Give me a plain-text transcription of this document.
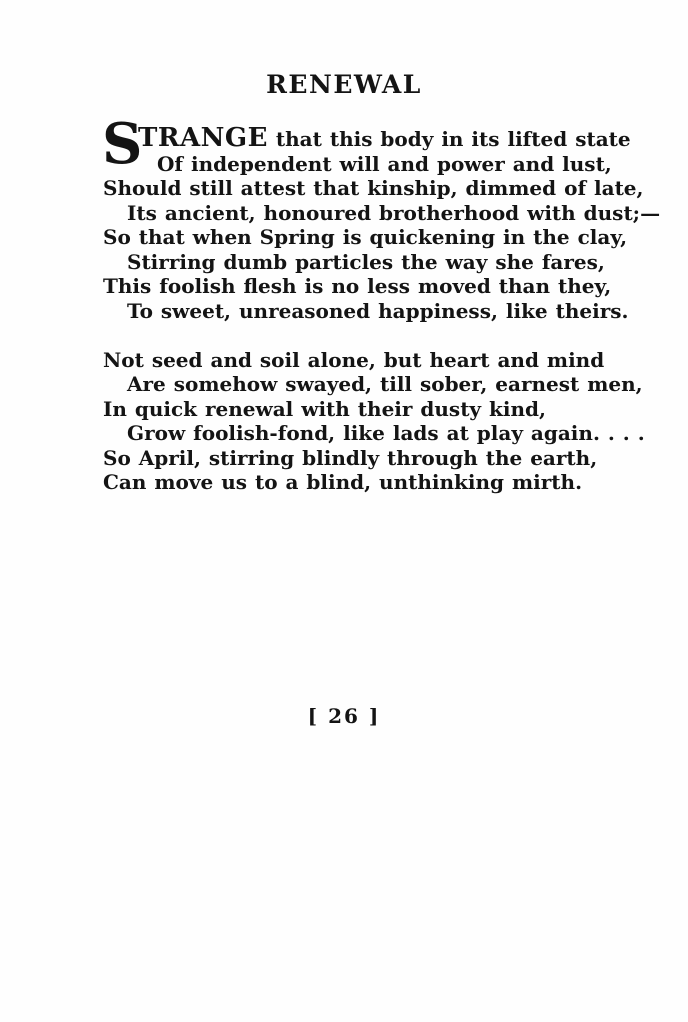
RENEWAL
S
TRANGE that this body in its lifted state
Of independent will and power and lust,
Should still attest that kinship, dimmed of late,
Its ancient, honoured brotherhood with dust;—
So that when Spring is quickening in the clay,
Stirring dumb particles the way she fares,
This foolish flesh is no less moved than they,
To sweet, unreasoned happiness, like theirs.
Not seed and soil alone, but heart and mind
Are somehow swayed, till sober, earnest men,
In quick renewal with their dusty kind,
Grow foolish-fond, like lads at play again. . . .
So April, stirring blindly through the earth,
Can move us to a blind, unthinking mirth.
[ 26 ]
